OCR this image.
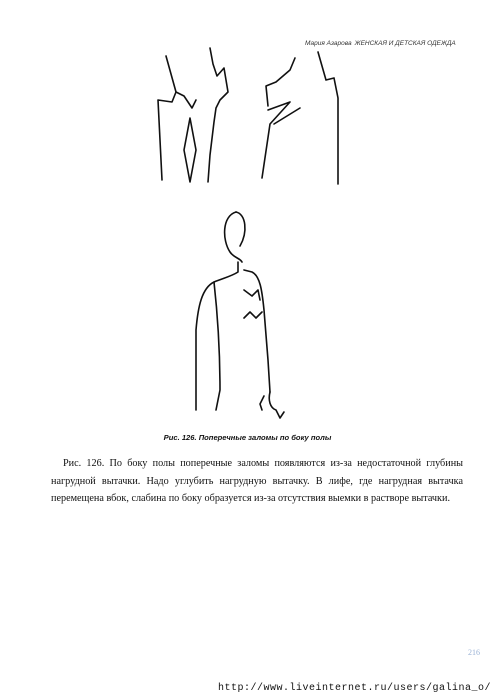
Мария Азарова ЖЕНСКАЯ И ДЕТСКАЯ ОДЕЖДА
Рис. 126. Поперечные заломы по боку полы
Рис. 126. По боку полы поперечные заломы появляются из-за недостаточной глубины нагрудной вытачки. Надо углубить нагрудную вытачку. В лифе, где нагрудная вытачка перемещена вбок, слабина по боку образуется из-за отсутствия выемки в растворе вытачки.
216
http://www.liveinternet.ru/users/galina_o/
